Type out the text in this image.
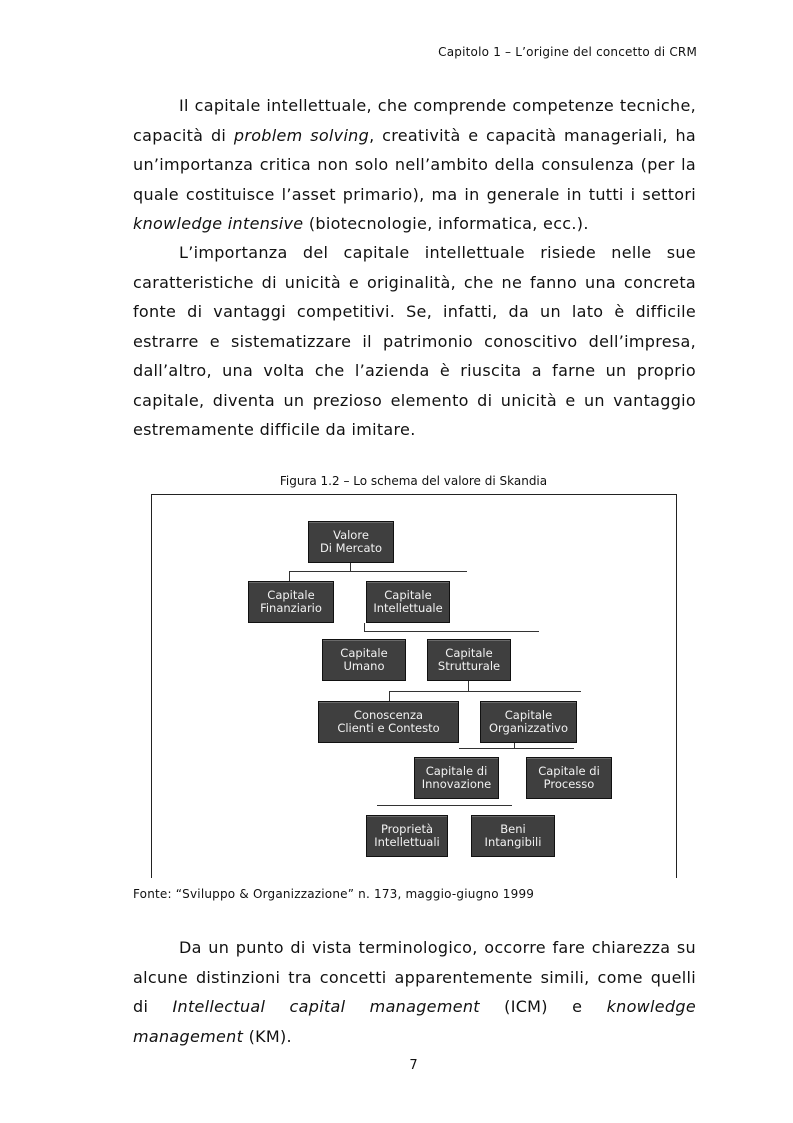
Capitolo 1 – L’origine del concetto di CRM
Il capitale intellettuale, che comprende competenze tecniche, capacità di problem solving, creatività e capacità manageriali, ha un’importanza critica non solo nell’ambito della consulenza (per la quale costituisce l’asset primario), ma in generale in tutti i settori knowledge intensive (biotecnologie, informatica, ecc.).
L’importanza del capitale intellettuale risiede nelle sue caratteristiche di unicità e originalità, che ne fanno una concreta fonte di vantaggi competitivi. Se, infatti, da un lato è difficile estrarre e sistematizzare il patrimonio conoscitivo dell’impresa, dall’altro, una volta che l’azienda è riuscita a farne un proprio capitale, diventa un prezioso elemento di unicità e un vantaggio estremamente difficile da imitare.
Figura 1.2 – Lo schema del valore di Skandia
Valore
Di Mercato
Capitale
Finanziario
Capitale
Intellettuale
Capitale
Umano
Capitale
Strutturale
Conoscenza
Clienti e Contesto
Capitale
Organizzativo
Capitale di
Innovazione
Capitale di
Processo
Proprietà
Intellettuali
Beni
Intangibili
Fonte: “Sviluppo & Organizzazione” n. 173, maggio-giugno 1999
Da un punto di vista terminologico, occorre fare chiarezza su alcune distinzioni tra concetti apparentemente simili, come quelli di Intellectual capital management (ICM) e knowledge management (KM).
7
